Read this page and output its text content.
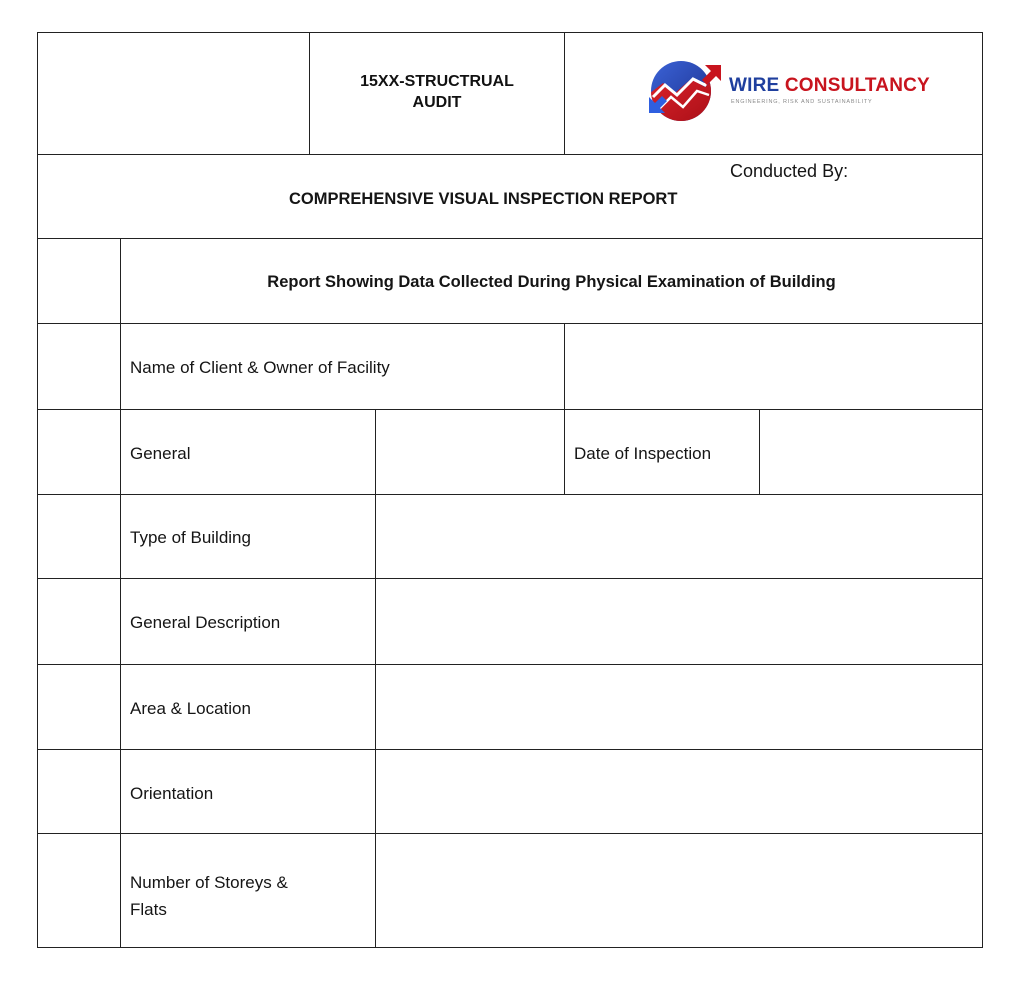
15XX-STRUCTRUAL
AUDIT
WIRE CONSULTANCY
ENGINEERING, RISK AND SUSTAINABILITY
Conducted By:
COMPREHENSIVE VISUAL INSPECTION REPORT
Report Showing Data Collected During Physical Examination of Building
Name of Client & Owner of Facility
General	Date of Inspection
Type of Building
General Description
Area & Location
Orientation
Number of Storeys &
Flats
